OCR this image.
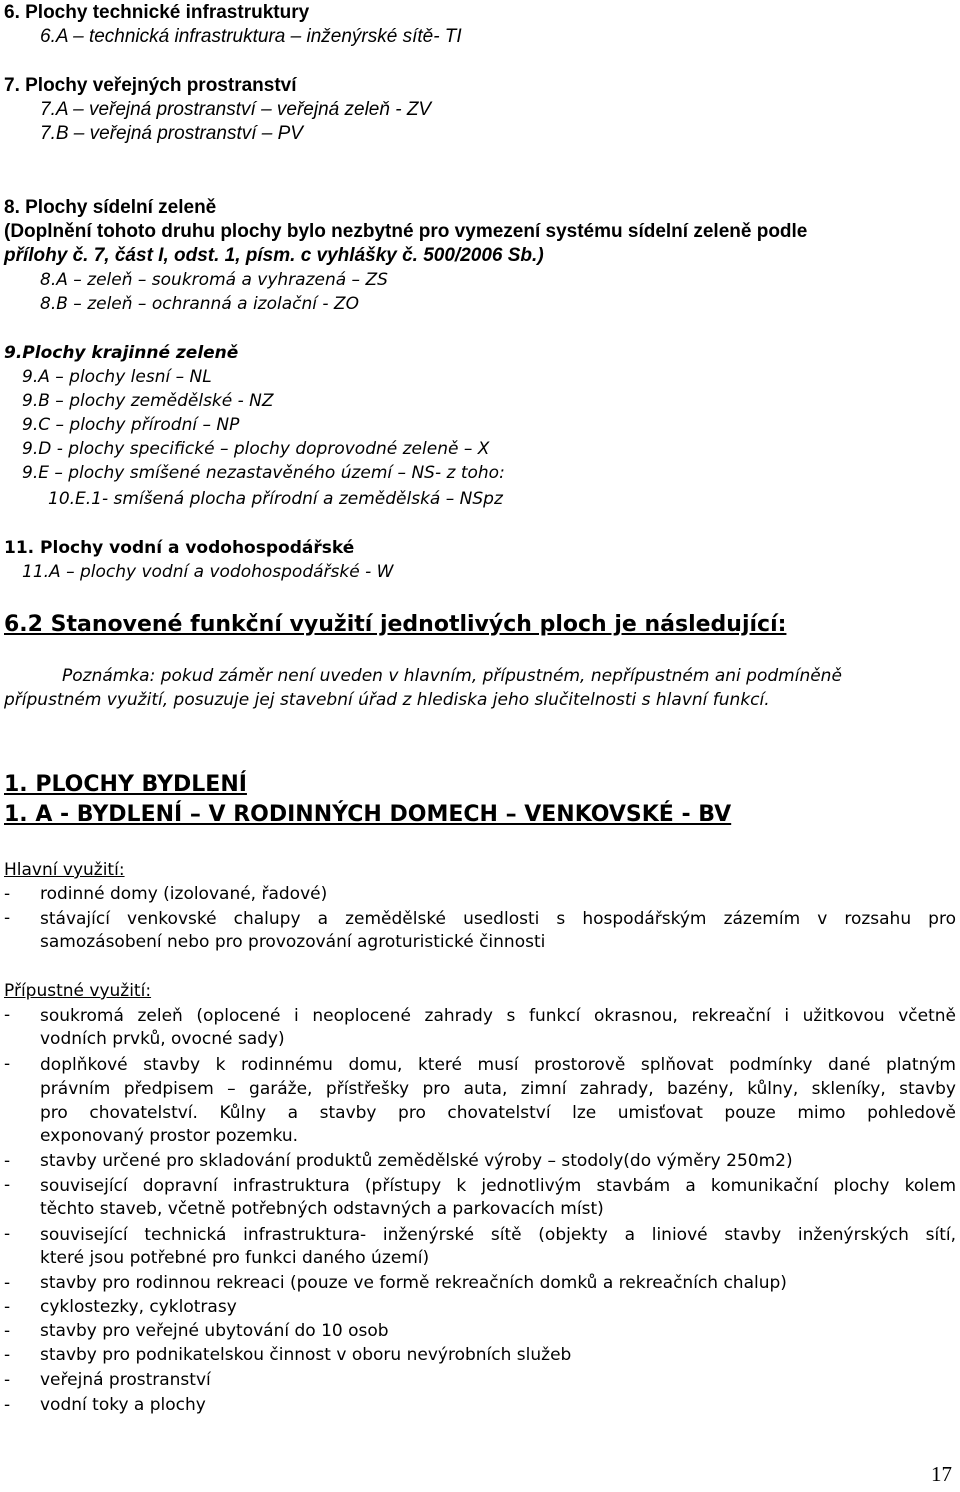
6. Plochy technické infrastruktury
6.A – technická infrastruktura – inženýrské sítě- TI
7. Plochy veřejných prostranství
7.A – veřejná prostranství – veřejná zeleň - ZV
7.B – veřejná prostranství – PV
8. Plochy sídelní zeleně
(Doplnění tohoto druhu plochy bylo nezbytné pro vymezení systému sídelní zeleně podle
přílohy č. 7, část I, odst. 1, písm. c vyhlášky č. 500/2006 Sb.)
8.A – zeleň – soukromá a vyhrazená – ZS
8.B – zeleň – ochranná a izolační - ZO
9.Plochy krajinné zeleně
9.A – plochy lesní – NL
9.B – plochy zemědělské - NZ
9.C – plochy přírodní – NP
9.D - plochy specifické – plochy doprovodné zeleně – X
9.E – plochy smíšené nezastavěného území – NS- z toho:
10.E.1- smíšená plocha přírodní a zemědělská – NSpz
11. Plochy vodní a vodohospodářské
11.A – plochy vodní a vodohospodářské - W
6.2 Stanovené funkční využití jednotlivých ploch je následující:
Poznámka: pokud záměr není uveden v hlavním, přípustném, nepřípustném ani podmíněně
přípustném využití, posuzuje jej stavební úřad z hlediska jeho slučitelnosti s hlavní funkcí.
1. PLOCHY BYDLENÍ
1. A - BYDLENÍ – V RODINNÝCH DOMECH – VENKOVSKÉ - BV
Hlavní využití:
- rodinné domy (izolované, řadové)
- stávající venkovské chalupy a zemědělské usedlosti s hospodářským zázemím v rozsahu pro
samozásobení nebo pro provozování agroturistické činnosti
Přípustné využití:
- soukromá zeleň (oplocené i neoplocené zahrady s funkcí okrasnou, rekreační i užitkovou včetně
vodních prvků, ovocné sady)
- doplňkové stavby k rodinnému domu, které musí prostorově splňovat podmínky dané platným
právním předpisem – garáže, přístřešky pro auta, zimní zahrady, bazény, kůlny, skleníky, stavby
pro chovatelství. Kůlny a stavby pro chovatelství lze umisťovat pouze mimo pohledově
exponovaný prostor pozemku.
- stavby určené pro skladování produktů zemědělské výroby – stodoly(do výměry 250m2)
- související dopravní infrastruktura (přístupy k jednotlivým stavbám a komunikační plochy kolem
těchto staveb, včetně potřebných odstavných a parkovacích míst)
- související technická infrastruktura- inženýrské sítě (objekty a liniové stavby inženýrských sítí,
které jsou potřebné pro funkci daného území)
- stavby pro rodinnou rekreaci (pouze ve formě rekreačních domků a rekreačních chalup)
- cyklostezky, cyklotrasy
- stavby pro veřejné ubytování do 10 osob
- stavby pro podnikatelskou činnost v oboru nevýrobních služeb
- veřejná prostranství
- vodní toky a plochy
17
